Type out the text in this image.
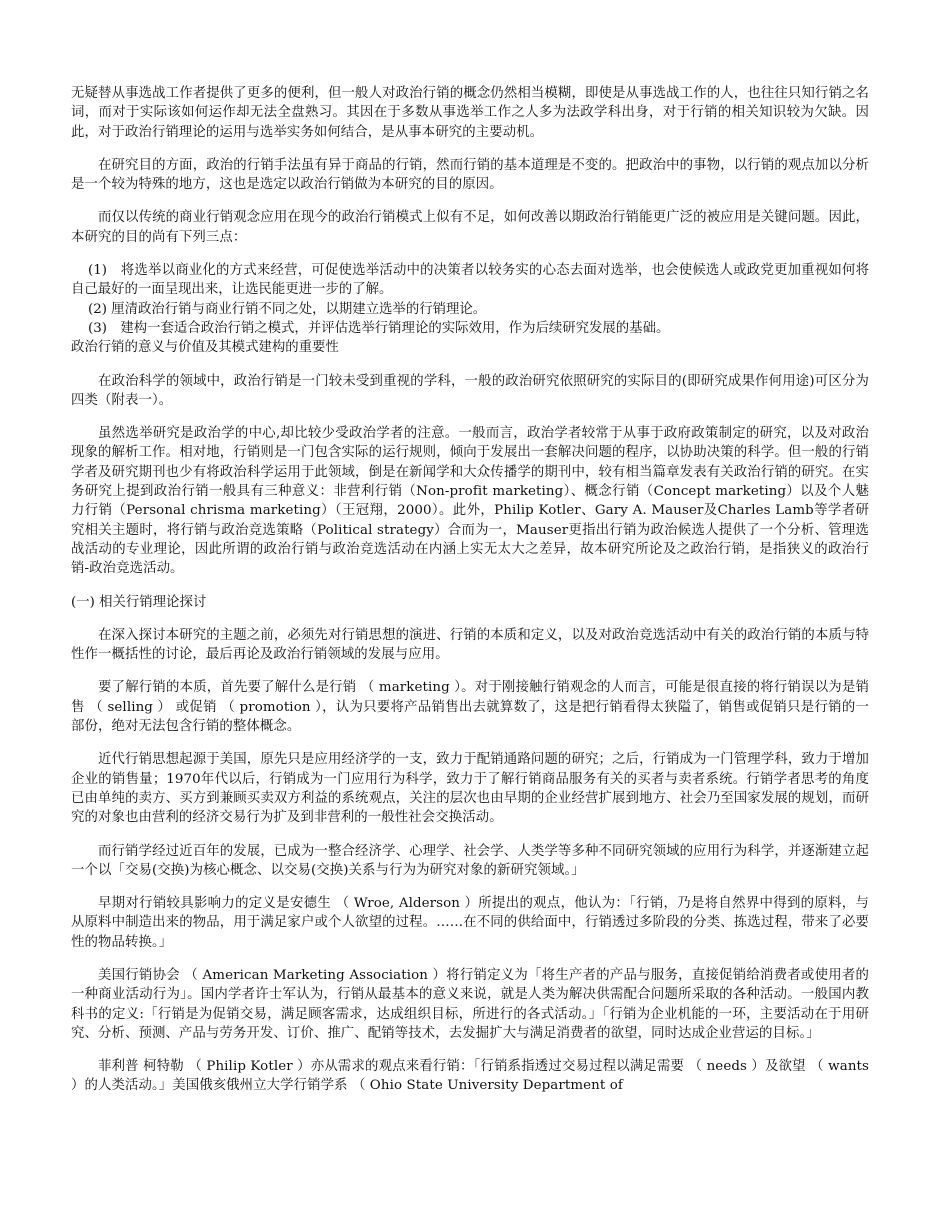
无疑替从事选战工作者提供了更多的便利，但一般人对政治行销的概念仍然相当模糊，即使是从事选战工作的人，也往往只知行销之名词，而对于实际该如何运作却无法全盘熟习。其因在于多数从事选举工作之人多为法政学科出身，对于行销的相关知识较为欠缺。因此，对于政治行销理论的运用与选举实务如何结合，是从事本研究的主要动机。

在研究目的方面，政治的行销手法虽有异于商品的行销，然而行销的基本道理是不变的。把政治中的事物，以行销的观点加以分析是一个较为特殊的地方，这也是选定以政治行销做为本研究的目的原因。

而仅以传统的商业行销观念应用在现今的政治行销模式上似有不足，如何改善以期政治行销能更广泛的被应用是关键问题。因此，本研究的目的尚有下列三点：

(1)　将选举以商业化的方式来经营，可促使选举活动中的决策者以较务实的心态去面对选举，也会使候选人或政党更加重视如何将自己最好的一面呈现出来，让选民能更进一步的了解。

(2) 厘清政治行销与商业行销不同之处，以期建立选举的行销理论。

(3)　建构一套适合政治行销之模式，并评估选举行销理论的实际效用，作为后续研究发展的基础。

政治行销的意义与价值及其模式建构的重要性

在政治科学的领域中，政治行销是一门较未受到重视的学科，一般的政治研究依照研究的实际目的(即研究成果作何用途)可区分为四类（附表一）。

虽然选举研究是政治学的中心,却比较少受政治学者的注意。一般而言，政治学者较常于从事于政府政策制定的研究，以及对政治现象的解析工作。相对地，行销则是一门包含实际的运行规则，倾向于发展出一套解决问题的程序，以协助决策的科学。但一般的行销学者及研究期刊也少有将政治科学运用于此领域，倒是在新闻学和大众传播学的期刊中，较有相当篇章发表有关政治行销的研究。在实务研究上提到政治行销一般具有三种意义：非营利行销（Non-profit marketing）、概念行销（Concept marketing）以及个人魅力行销（Personal chrisma marketing）（王冠翔，2000）。此外，Philip Kotler、Gary A. Mauser及Charles Lamb等学者研究相关主题时，将行销与政治竞选策略（Political strategy）合而为一，Mauser更指出行销为政治候选人提供了一个分析、管理选战活动的专业理论，因此所谓的政治行销与政治竞选活动在内涵上实无太大之差异，故本研究所论及之政治行销，是指狭义的政治行销-政治竞选活动。

(一) 相关行销理论探讨

在深入探讨本研究的主题之前，必须先对行销思想的演进、行销的本质和定义，以及对政治竞选活动中有关的政治行销的本质与特性作一概括性的讨论，最后再论及政治行销领域的发展与应用。

要了解行销的本质，首先要了解什么是行销 （ marketing ）。对于刚接触行销观念的人而言，可能是很直接的将行销误以为是销售 （ selling ） 或促销 （ promotion ），认为只要将产品销售出去就算数了，这是把行销看得太狭隘了，销售或促销只是行销的一部份，绝对无法包含行销的整体概念。

近代行销思想起源于美国，原先只是应用经济学的一支，致力于配销通路问题的研究；之后，行销成为一门管理学科，致力于增加企业的销售量；1970年代以后，行销成为一门应用行为科学，致力于了解行销商品服务有关的买者与卖者系统。行销学者思考的角度已由单纯的卖方、买方到兼顾买卖双方利益的系统观点，关注的层次也由早期的企业经营扩展到地方、社会乃至国家发展的规划，而研究的对象也由营利的经济交易行为扩及到非营利的一般性社会交换活动。

而行销学经过近百年的发展，已成为一整合经济学、心理学、社会学、人类学等多种不同研究领域的应用行为科学，并逐渐建立起一个以「交易(交换)为核心概念、以交易(交换)关系与行为为研究对象的新研究领域。」

早期对行销较具影响力的定义是安德生 （ Wroe, Alderson ）所提出的观点，他认为：「行销，乃是将自然界中得到的原料，与从原料中制造出来的物品，用于满足家户或个人欲望的过程。……在不同的供给面中，行销透过多阶段的分类、拣选过程，带来了必要性的物品转换。」

美国行销协会 （ American Marketing Association ）将行销定义为「将生产者的产品与服务，直接促销给消费者或使用者的一种商业活动行为」。国内学者许士军认为，行销从最基本的意义来说，就是人类为解决供需配合问题所采取的各种活动。一般国内教科书的定义:「行销是为促销交易，满足顾客需求，达成组织目标，所进行的各式活动。」「行销为企业机能的一环，主要活动在于用研究、分析、预测、产品与劳务开发、订价、推广、配销等技术，去发掘扩大与满足消费者的欲望，同时达成企业营运的目标。」

菲利普 柯特勒 （ Philip Kotler ）亦从需求的观点来看行销：「行销系指透过交易过程以满足需要 （ needs ）及欲望 （ wants ）的人类活动。」美国俄亥俄州立大学行销学系 （ Ohio State University Department of
